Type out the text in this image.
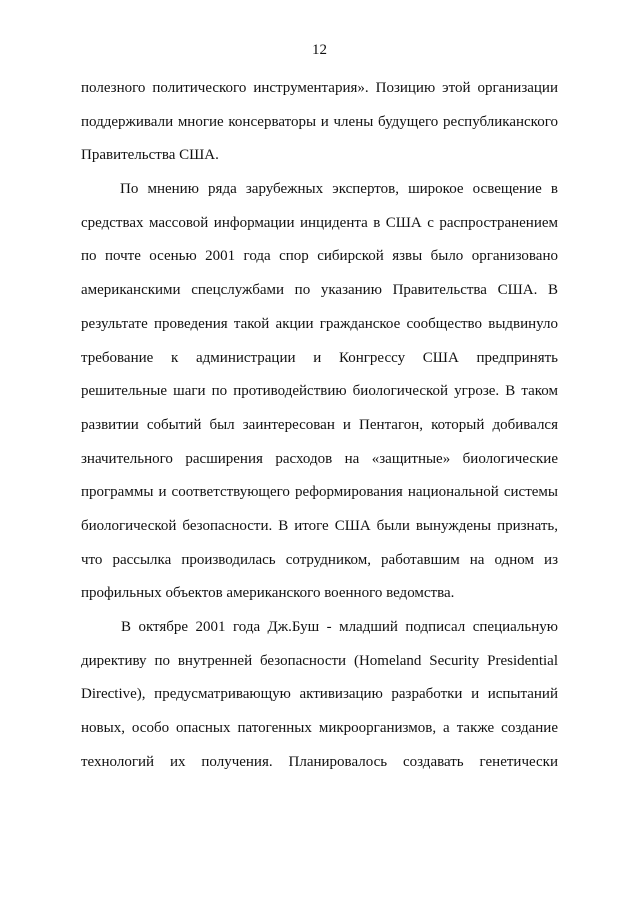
12
полезного политического инструментария». Позицию этой организации
поддерживали многие консерваторы и члены будущего республиканского
Правительства США.
По мнению ряда зарубежных экспертов, широкое освещение в
средствах массовой информации инцидента в США с распространением
по почте осенью 2001 года спор сибирской язвы было организовано
американскими спецслужбами по указанию Правительства США. В
результате проведения такой акции гражданское сообщество выдвинуло
требование к администрации и Конгрессу США предпринять
решительные шаги по противодействию биологической угрозе. В таком
развитии событий был заинтересован и Пентагон, который добивался
значительного расширения расходов на «защитные» биологические
программы и соответствующего реформирования национальной системы
биологической безопасности. В итоге США были вынуждены признать,
что рассылка производилась сотрудником, работавшим на одном из
профильных объектов американского военного ведомства.
В октябре 2001 года Дж.Буш - младший подписал специальную
директиву по внутренней безопасности (Homeland Security Presidential
Directive), предусматривающую активизацию разработки и испытаний
новых, особо опасных патогенных микроорганизмов, а также создание
технологий их получения. Планировалось создавать генетически
